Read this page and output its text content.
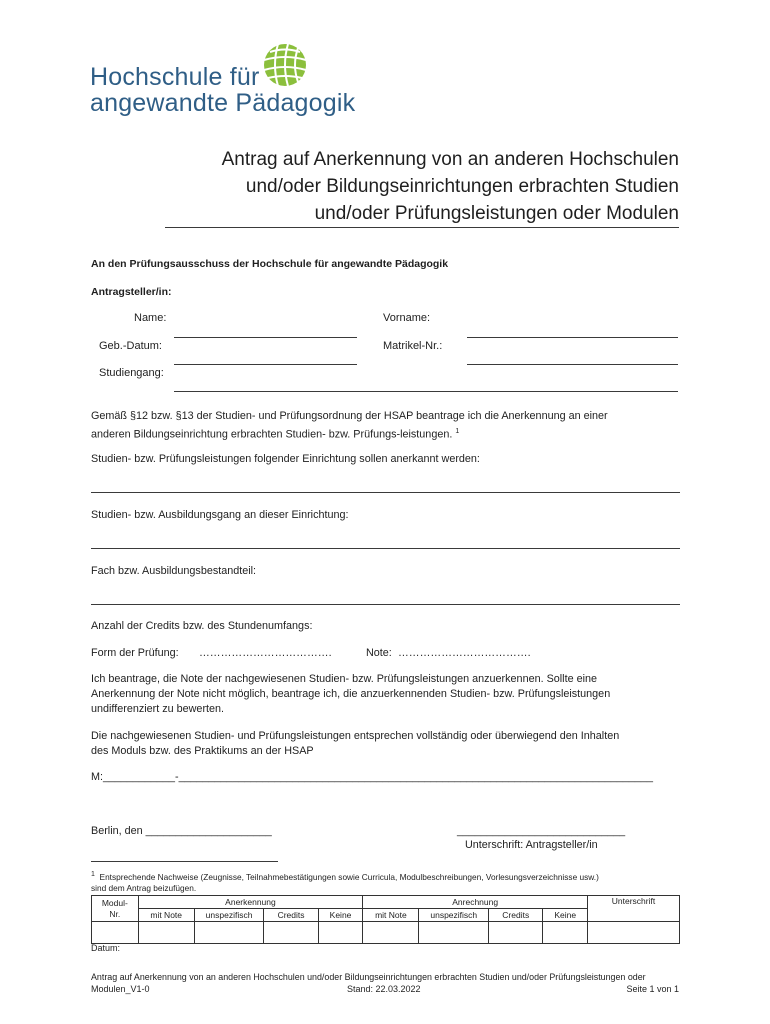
Hochschule für
angewandte Pädagogik
Antrag auf Anerkennung von an anderen Hochschulen
und/oder Bildungseinrichtungen erbrachten Studien
und/oder Prüfungsleistungen oder Modulen
An den Prüfungsausschuss der Hochschule für angewandte Pädagogik
Antragsteller/in:
Name:	Vorname:
Geb.-Datum:	Matrikel-Nr.:
Studiengang:
Gemäß §12 bzw. §13 der Studien- und Prüfungsordnung der HSAP beantrage ich die Anerkennung an einer
anderen Bildungseinrichtung erbrachten Studien- bzw. Prüfungs-leistungen. $^1$
Studien- bzw. Prüfungsleistungen folgender Einrichtung sollen anerkannt werden:
Studien- bzw. Ausbildungsgang an dieser Einrichtung:
Fach bzw. Ausbildungsbestandteil:
Anzahl der Credits bzw. des Stundenumfangs:
Form der Prüfung: ……………………………….	Note: ……………………………….
Ich beantrage, die Note der nachgewiesenen Studien- bzw. Prüfungsleistungen anzuerkennen. Sollte eine
Anerkennung der Note nicht möglich, beantrage ich, die anzuerkennenden Studien- bzw. Prüfungsleistungen
undifferenziert zu bewerten.
Die nachgewiesenen Studien- und Prüfungsleistungen entsprechen vollständig oder überwiegend den Inhalten
des Moduls bzw. des Praktikums an der HSAP
M:____________-_______________________________________________________________________________
Berlin, den _____________________	____________________________
Unterschrift: Antragsteller/in
$^1$ Entsprechende Nachweise (Zeugnisse, Teilnahmebestätigungen sowie Curricula, Modulbeschreibungen, Vorlesungsverzeichnisse usw.)
sind dem Antrag beizufügen.
Modul-
Nr.	Anerkennung				Anrechnung				Unterschrift
	mit Note	unspezifisch	Credits	Keine	mit Note	unspezifisch	Credits	Keine	

Datum:
Antrag auf Anerkennung von an anderen Hochschulen und/oder Bildungseinrichtungen erbrachten Studien und/oder Prüfungsleistungen oder
Modulen_V1-0	Stand: 22.03.2022	Seite 1 von 1
